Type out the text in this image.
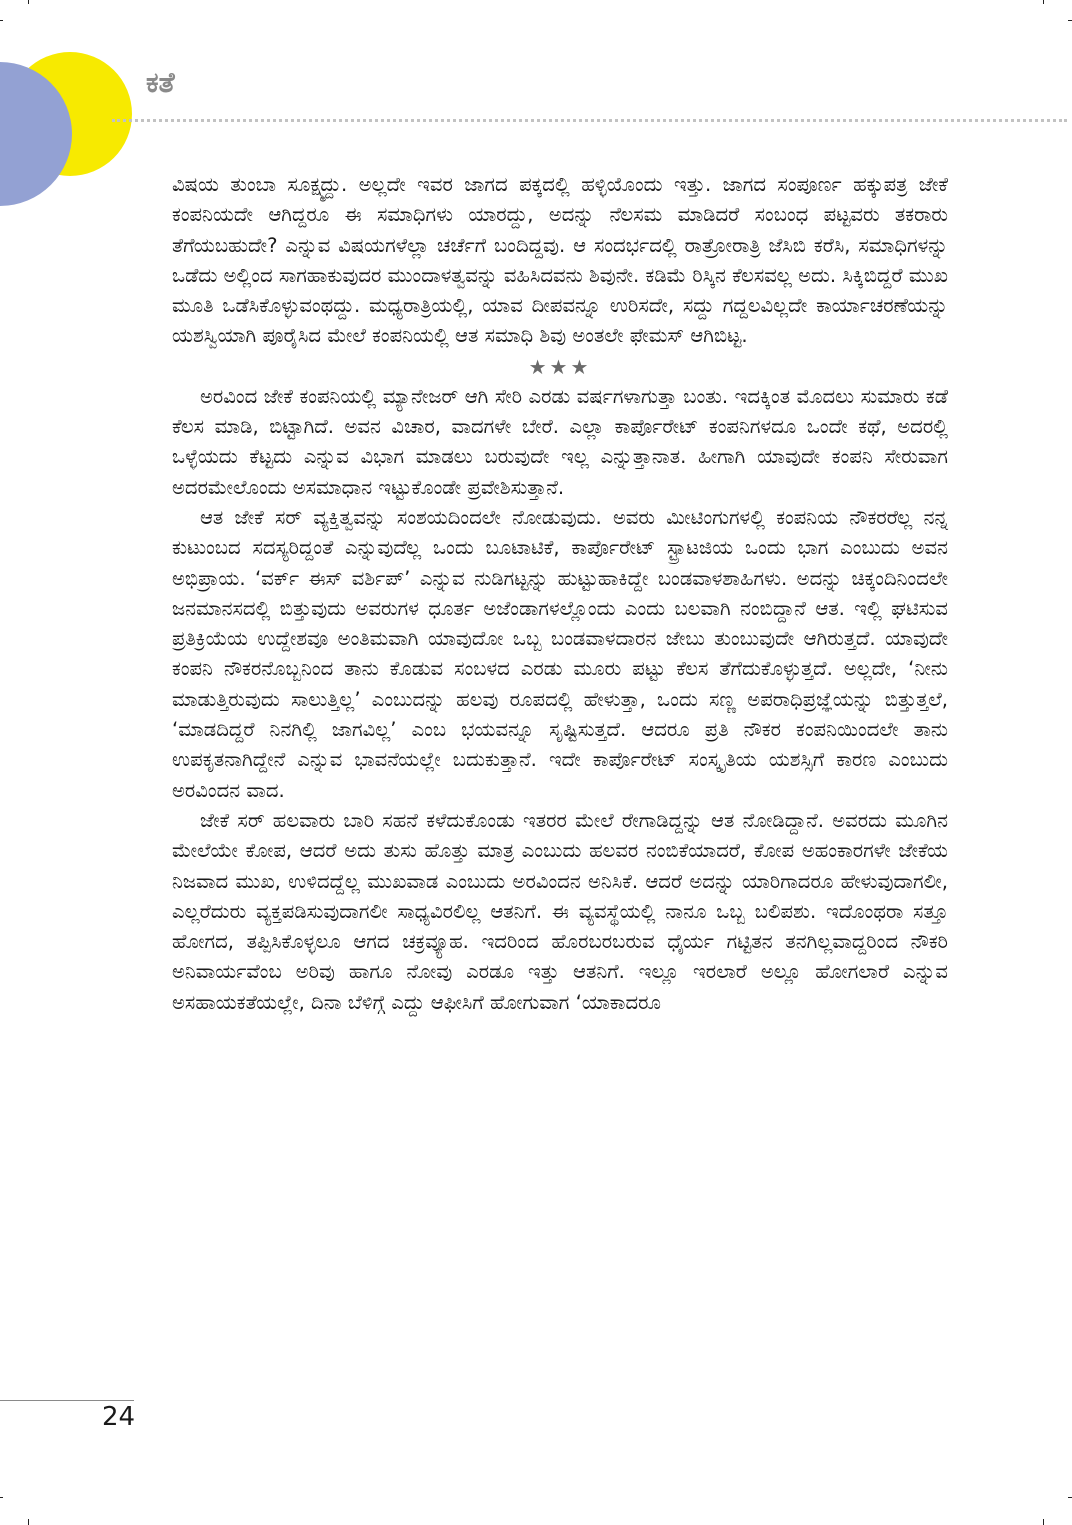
ಕತೆ

ವಿಷಯ ತುಂಬಾ ಸೂಕ್ಷ್ಮದ್ದು. ಅಲ್ಲದೇ ಇವರ ಜಾಗದ ಪಕ್ಕದಲ್ಲಿ ಹಳ್ಳಿಯೊಂದು ಇತ್ತು. ಜಾಗದ ಸಂಪೂರ್ಣ ಹಕ್ಕುಪತ್ರ ಜೇಕೆ ಕಂಪನಿಯದೇ ಆಗಿದ್ದರೂ ಈ ಸಮಾಧಿಗಳು ಯಾರದ್ದು, ಅದನ್ನು ನೆಲಸಮ ಮಾಡಿದರೆ ಸಂಬಂಧ ಪಟ್ಟವರು ತಕರಾರು ತೆಗೆಯಬಹುದೇ? ಎನ್ನುವ ವಿಷಯಗಳೆಲ್ಲಾ ಚರ್ಚೆಗೆ ಬಂದಿದ್ದವು. ಆ ಸಂದರ್ಭದಲ್ಲಿ ರಾತ್ರೋರಾತ್ರಿ ಜೆಸಿಬಿ ಕರೆಸಿ, ಸಮಾಧಿಗಳನ್ನು ಒಡೆದು ಅಲ್ಲಿಂದ ಸಾಗಹಾಕುವುದರ ಮುಂದಾಳತ್ವವನ್ನು ವಹಿಸಿದವನು ಶಿವುನೇ. ಕಡಿಮೆ ರಿಸ್ಕಿನ ಕೆಲಸವಲ್ಲ ಅದು. ಸಿಕ್ಕಿಬಿದ್ದರೆ ಮುಖ ಮೂತಿ ಒಡೆಸಿಕೊಳ್ಳುವಂಥದ್ದು. ಮಧ್ಯರಾತ್ರಿಯಲ್ಲಿ, ಯಾವ ದೀಪವನ್ನೂ ಉರಿಸದೇ, ಸದ್ದು ಗದ್ದಲವಿಲ್ಲದೇ ಕಾರ್ಯಾಚರಣೆಯನ್ನು ಯಶಸ್ವಿಯಾಗಿ ಪೂರೈಸಿದ ಮೇಲೆ ಕಂಪನಿಯಲ್ಲಿ ಆತ ಸಮಾಧಿ ಶಿವು ಅಂತಲೇ ಫೇಮಸ್ ಆಗಿಬಿಟ್ಟ.

★★★

ಅರವಿಂದ ಜೇಕೆ ಕಂಪನಿಯಲ್ಲಿ ಮ್ಯಾನೇಜರ್ ಆಗಿ ಸೇರಿ ಎರಡು ವರ್ಷಗಳಾಗುತ್ತಾ ಬಂತು. ಇದಕ್ಕಿಂತ ಮೊದಲು ಸುಮಾರು ಕಡೆ ಕೆಲಸ ಮಾಡಿ, ಬಿಟ್ಟಾಗಿದೆ. ಅವನ ವಿಚಾರ, ವಾದಗಳೇ ಬೇರೆ. ಎಲ್ಲಾ ಕಾರ್ಪೊರೇಟ್ ಕಂಪನಿಗಳದೂ ಒಂದೇ ಕಥೆ, ಅದರಲ್ಲಿ ಒಳ್ಳೆಯದು ಕೆಟ್ಟದು ಎನ್ನುವ ವಿಭಾಗ ಮಾಡಲು ಬರುವುದೇ ಇಲ್ಲ ಎನ್ನುತ್ತಾನಾತ. ಹೀಗಾಗಿ ಯಾವುದೇ ಕಂಪನಿ ಸೇರುವಾಗ ಅದರಮೇಲೊಂದು ಅಸಮಾಧಾನ ಇಟ್ಟುಕೊಂಡೇ ಪ್ರವೇಶಿಸುತ್ತಾನೆ.

ಆತ ಜೇಕೆ ಸರ್ ವ್ಯಕ್ತಿತ್ವವನ್ನು ಸಂಶಯದಿಂದಲೇ ನೋಡುವುದು. ಅವರು ಮೀಟಿಂಗುಗಳಲ್ಲಿ ಕಂಪನಿಯ ನೌಕರರೆಲ್ಲ ನನ್ನ ಕುಟುಂಬದ ಸದಸ್ಯರಿದ್ದಂತೆ ಎನ್ನುವುದೆಲ್ಲ ಒಂದು ಬೂಟಾಟಿಕೆ, ಕಾರ್ಪೊರೇಟ್ ಸ್ಟ್ರಾಟಜಿಯ ಒಂದು ಭಾಗ ಎಂಬುದು ಅವನ ಅಭಿಪ್ರಾಯ. ‘ವರ್ಕ್ ಈಸ್ ವರ್ಶಿಪ್’ ಎನ್ನುವ ನುಡಿಗಟ್ಟನ್ನು ಹುಟ್ಟುಹಾಕಿದ್ದೇ ಬಂಡವಾಳಶಾಹಿಗಳು. ಅದನ್ನು ಚಿಕ್ಕಂದಿನಿಂದಲೇ ಜನಮಾನಸದಲ್ಲಿ ಬಿತ್ತುವುದು ಅವರುಗಳ ಧೂರ್ತ ಅಜೆಂಡಾಗಳಲ್ಲೊಂದು ಎಂದು ಬಲವಾಗಿ ನಂಬಿದ್ದಾನೆ ಆತ. ಇಲ್ಲಿ ಘಟಿಸುವ ಪ್ರತಿಕ್ರಿಯೆಯ ಉದ್ದೇಶವೂ ಅಂತಿಮವಾಗಿ ಯಾವುದೋ ಒಬ್ಬ ಬಂಡವಾಳದಾರನ ಜೇಬು ತುಂಬುವುದೇ ಆಗಿರುತ್ತದೆ. ಯಾವುದೇ ಕಂಪನಿ ನೌಕರನೊಬ್ಬನಿಂದ ತಾನು ಕೊಡುವ ಸಂಬಳದ ಎರಡು ಮೂರು ಪಟ್ಟು ಕೆಲಸ ತೆಗೆದುಕೊಳ್ಳುತ್ತದೆ. ಅಲ್ಲದೇ, ‘ನೀನು ಮಾಡುತ್ತಿರುವುದು ಸಾಲುತ್ತಿಲ್ಲ’ ಎಂಬುದನ್ನು ಹಲವು ರೂಪದಲ್ಲಿ ಹೇಳುತ್ತಾ, ಒಂದು ಸಣ್ಣ ಅಪರಾಧಿಪ್ರಜ್ಞೆಯನ್ನು ಬಿತ್ತುತ್ತಲೆ, ‘ಮಾಡದಿದ್ದರೆ ನಿನಗಿಲ್ಲಿ ಜಾಗವಿಲ್ಲ’ ಎಂಬ ಭಯವನ್ನೂ ಸೃಷ್ಟಿಸುತ್ತದೆ. ಆದರೂ ಪ್ರತಿ ನೌಕರ ಕಂಪನಿಯಿಂದಲೇ ತಾನು ಉಪಕೃತನಾಗಿದ್ದೇನೆ ಎನ್ನುವ ಭಾವನೆಯಲ್ಲೇ ಬದುಕುತ್ತಾನೆ. ಇದೇ ಕಾರ್ಪೊರೇಟ್ ಸಂಸ್ಕೃತಿಯ ಯಶಸ್ಸಿಗೆ ಕಾರಣ ಎಂಬುದು ಅರವಿಂದನ ವಾದ.

ಜೇಕೆ ಸರ್ ಹಲವಾರು ಬಾರಿ ಸಹನೆ ಕಳೆದುಕೊಂಡು ಇತರರ ಮೇಲೆ ರೇಗಾಡಿದ್ದನ್ನು ಆತ ನೋಡಿದ್ದಾನೆ. ಅವರದು ಮೂಗಿನ ಮೇಲೆಯೇ ಕೋಪ, ಆದರೆ ಅದು ತುಸು ಹೊತ್ತು ಮಾತ್ರ ಎಂಬುದು ಹಲವರ ನಂಬಿಕೆಯಾದರೆ, ಕೋಪ ಅಹಂಕಾರಗಳೇ ಜೇಕೆಯ ನಿಜವಾದ ಮುಖ, ಉಳಿದದ್ದೆಲ್ಲ ಮುಖವಾಡ ಎಂಬುದು ಅರವಿಂದನ ಅನಿಸಿಕೆ. ಆದರೆ ಅದನ್ನು ಯಾರಿಗಾದರೂ ಹೇಳುವುದಾಗಲೀ, ಎಲ್ಲರೆದುರು ವ್ಯಕ್ತಪಡಿಸುವುದಾಗಲೀ ಸಾಧ್ಯವಿರಲಿಲ್ಲ ಆತನಿಗೆ. ಈ ವ್ಯವಸ್ಥೆಯಲ್ಲಿ ನಾನೂ ಒಬ್ಬ ಬಲಿಪಶು. ಇದೊಂಥರಾ ಸತ್ತೂ ಹೋಗದ, ತಪ್ಪಿಸಿಕೊಳ್ಳಲೂ ಆಗದ ಚಕ್ರವ್ಯೂಹ. ಇದರಿಂದ ಹೊರಬರಬರುವ ಧೈರ್ಯ ಗಟ್ಟಿತನ ತನಗಿಲ್ಲವಾದ್ದರಿಂದ ನೌಕರಿ ಅನಿವಾರ್ಯವೆಂಬ ಅರಿವು ಹಾಗೂ ನೋವು ಎರಡೂ ಇತ್ತು ಆತನಿಗೆ. ಇಲ್ಲೂ ಇರಲಾರೆ ಅಲ್ಲೂ ಹೋಗಲಾರೆ ಎನ್ನುವ ಅಸಹಾಯಕತೆಯಲ್ಲೇ, ದಿನಾ ಬೆಳಿಗ್ಗೆ ಎದ್ದು ಆಫೀಸಿಗೆ ಹೋಗುವಾಗ ‘ಯಾಕಾದರೂ

24
